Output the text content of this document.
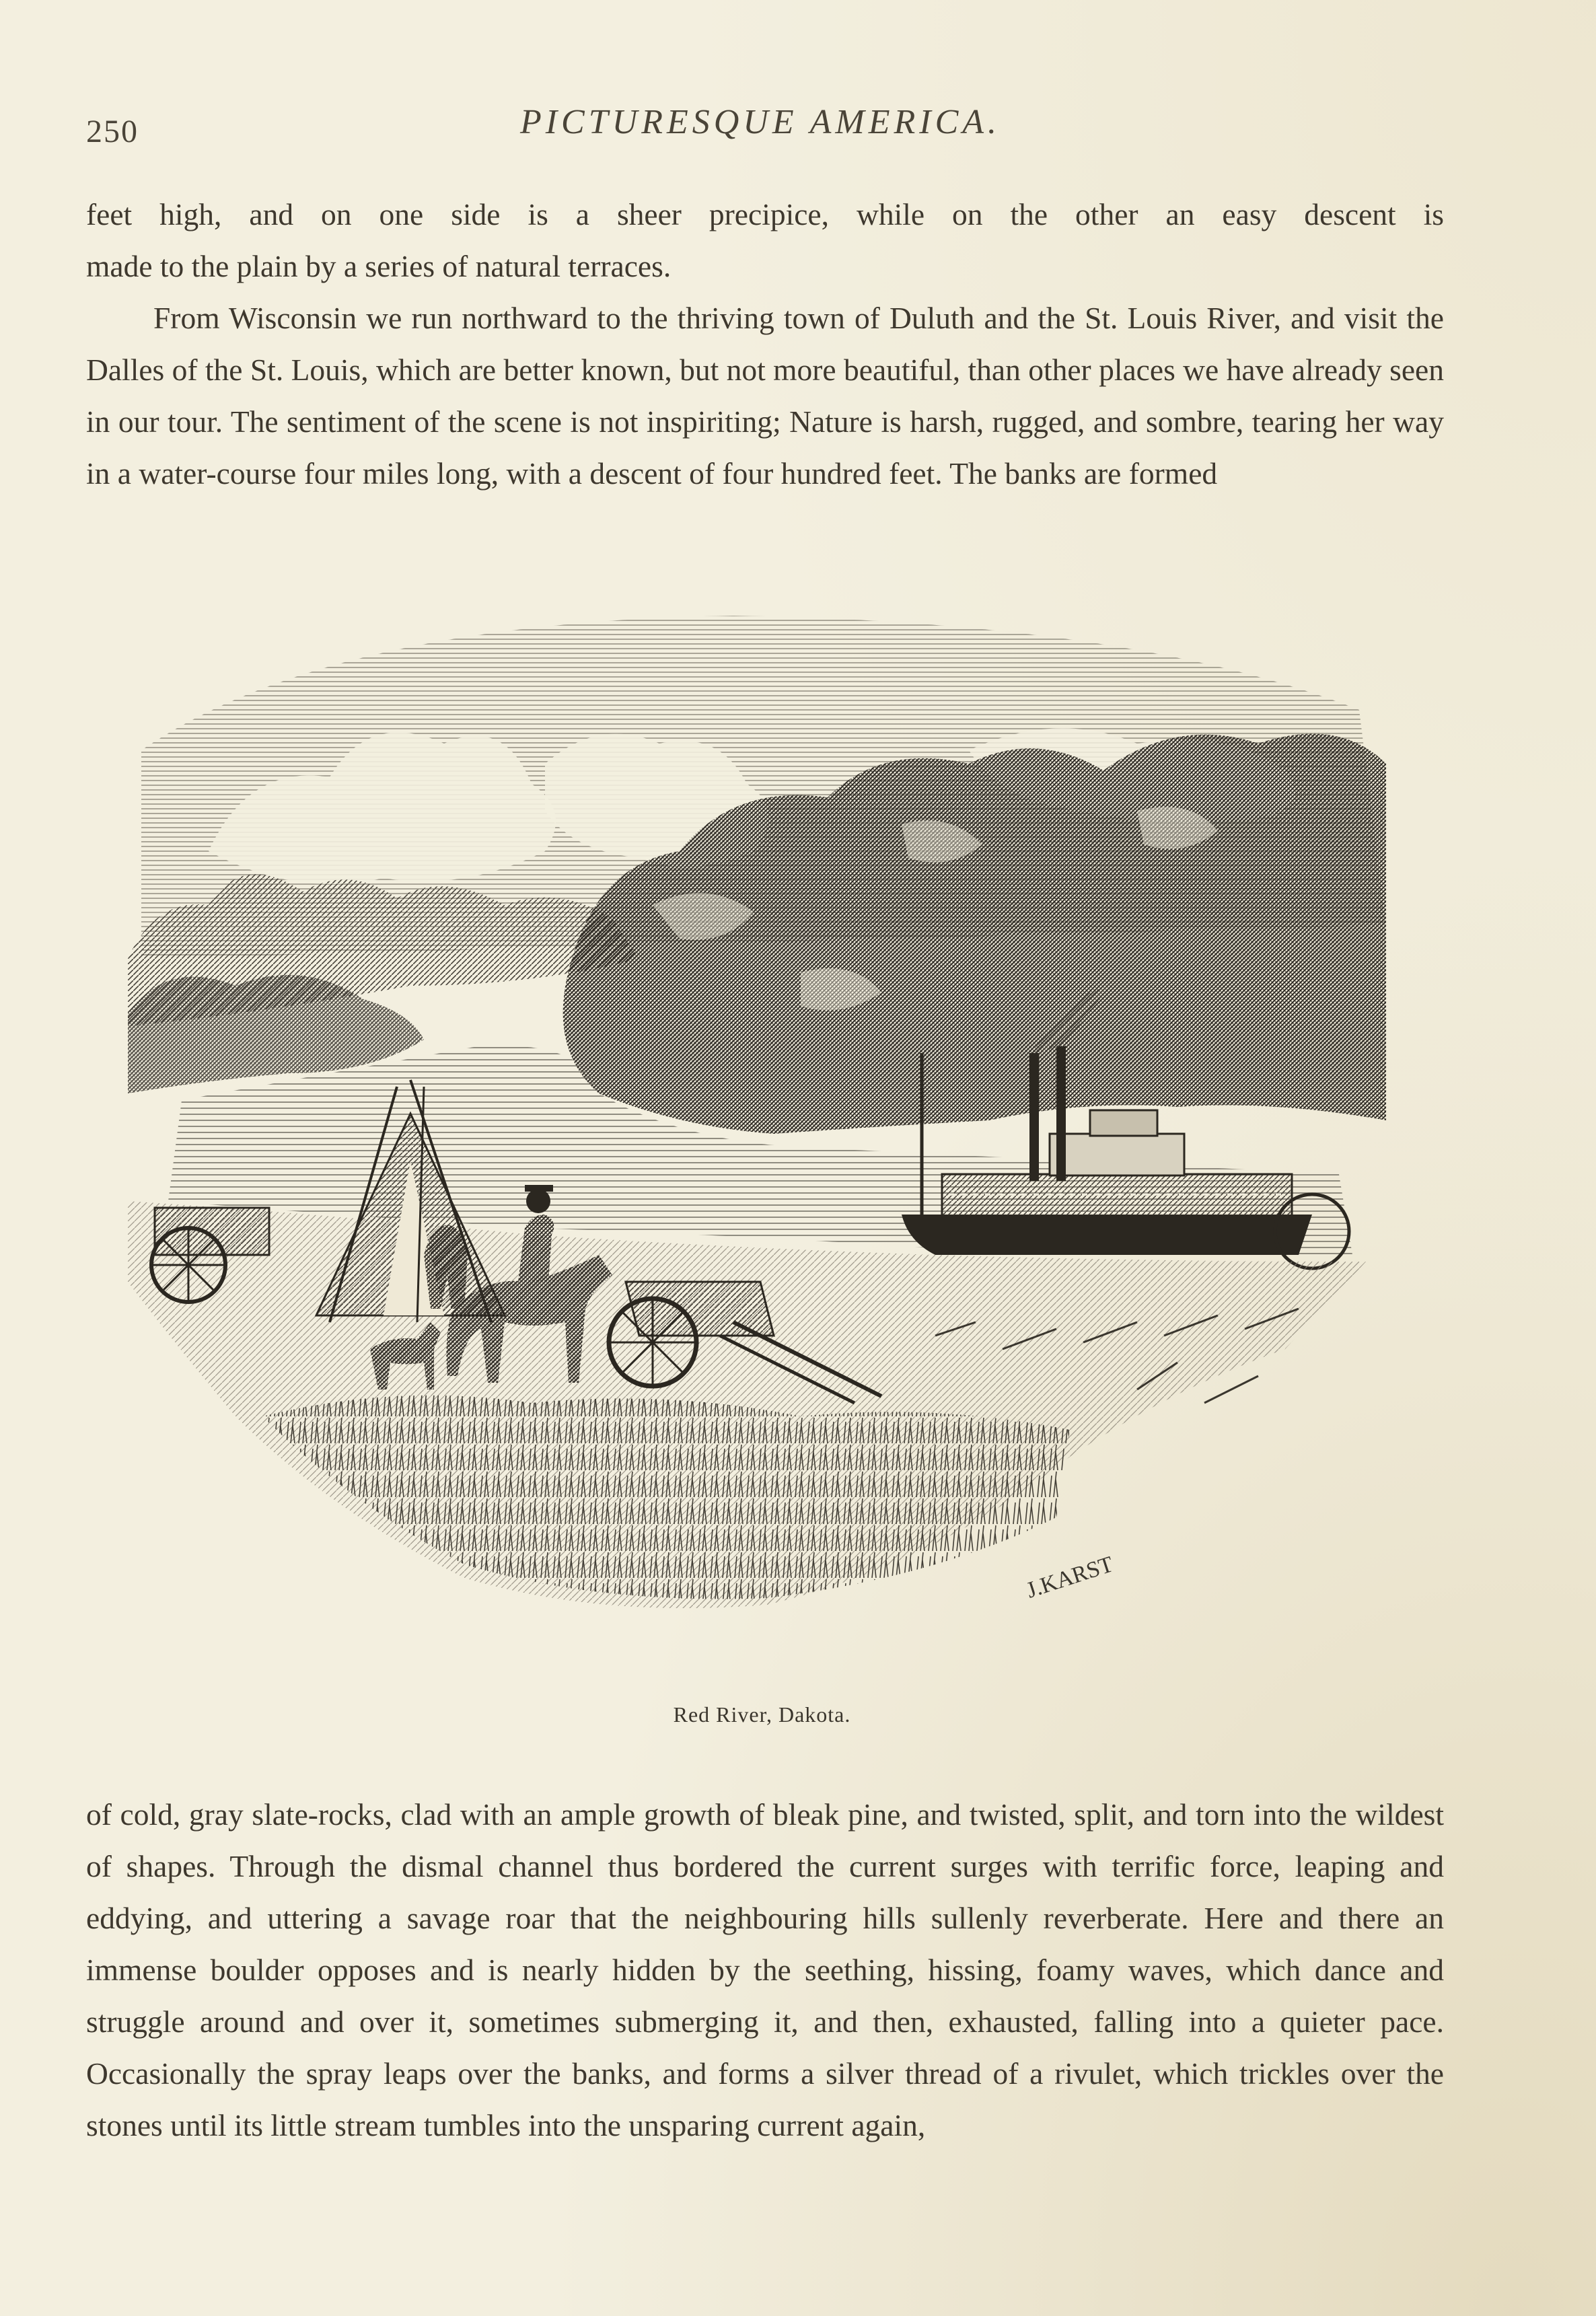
250	PICTURESQUE AMERICA.

feet high, and on one side is a sheer precipice, while on the other an easy descent is

made to the plain by a series of natural terraces.

From Wisconsin we run northward to the thriving town of Duluth and the St. Louis River, and visit the Dalles of the St. Louis, which are better known, but not more beautiful, than other places we have already seen in our tour. The sentiment of the scene is not inspiriting; Nature is harsh, rugged, and sombre, tearing her way in a water-course four miles long, with a descent of four hundred feet. The banks are formed

J.KARST
Red River, Dakota.

of cold, gray slate-rocks, clad with an ample growth of bleak pine, and twisted, split, and torn into the wildest of shapes. Through the dismal channel thus bordered the current surges with terrific force, leaping and eddying, and uttering a savage roar that the neighbouring hills sullenly reverberate. Here and there an immense boulder opposes and is nearly hidden by the seething, hissing, foamy waves, which dance and struggle around and over it, sometimes submerging it, and then, exhausted, falling into a quieter pace. Occasionally the spray leaps over the banks, and forms a silver thread of a rivulet, which trickles over the stones until its little stream tumbles into the unsparing current again,
